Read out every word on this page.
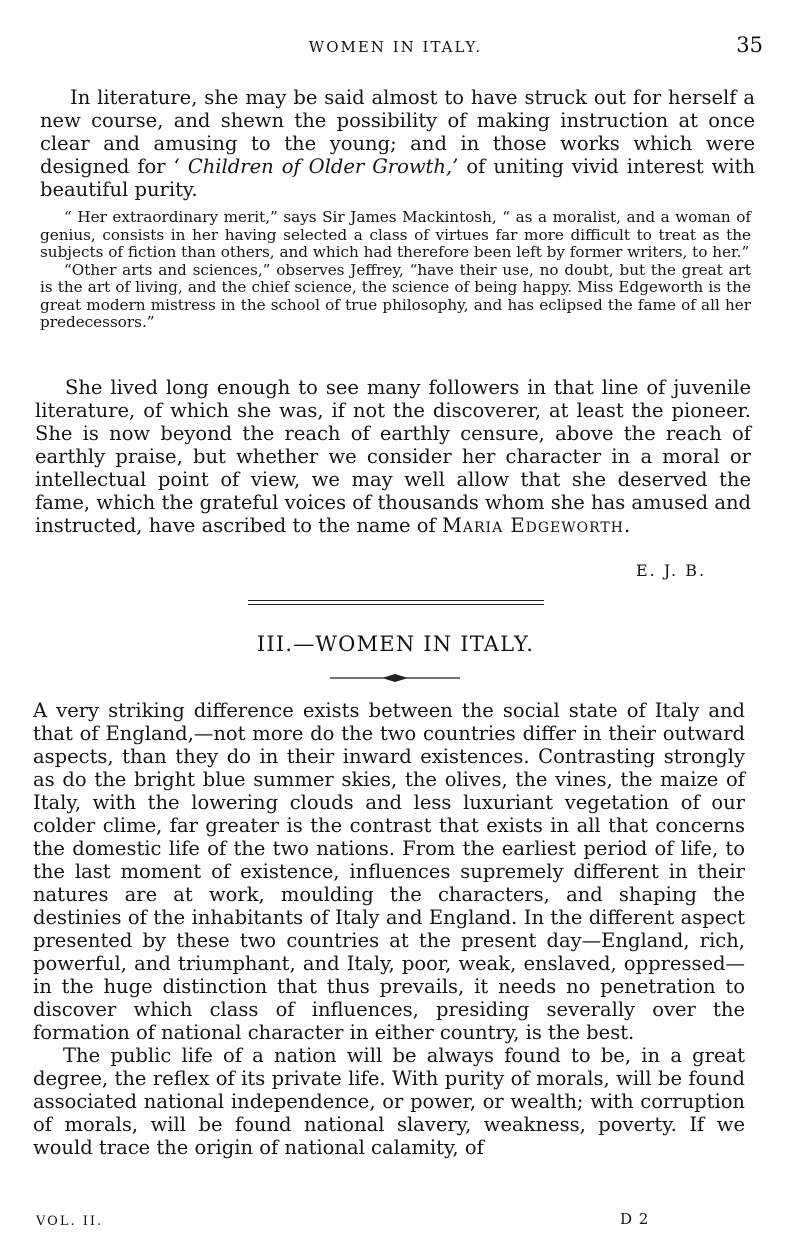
WOMEN IN ITALY.	35

In literature, she may be said almost to have struck out for herself a new course, and shewn the possibility of making instruction at once clear and amusing to the young; and in those works which were designed for ‘ Children of Older Growth,’ of uniting vivid interest with beautiful purity.

“ Her extraordinary merit,” says Sir James Mackintosh, “ as a moralist, and a woman of genius, consists in her having selected a class of virtues far more difficult to treat as the subjects of fiction than others, and which had therefore been left by former writers, to her.”

“Other arts and sciences,” observes Jeffrey, “have their use, no doubt, but the great art is the art of living, and the chief science, the science of being happy. Miss Edgeworth is the great modern mistress in the school of true philosophy, and has eclipsed the fame of all her predecessors.”

She lived long enough to see many followers in that line of juvenile literature, of which she was, if not the discoverer, at least the pioneer. She is now beyond the reach of earthly censure, above the reach of earthly praise, but whether we consider her character in a moral or intellectual point of view, we may well allow that she deserved the fame, which the grateful voices of thousands whom she has amused and instructed, have ascribed to the name of Maria Edgeworth.

E. J. B.
III.—WOMEN IN ITALY.

A very striking difference exists between the social state of Italy and that of England,—not more do the two countries differ in their outward aspects, than they do in their inward existences. Contrasting strongly as do the bright blue summer skies, the olives, the vines, the maize of Italy, with the lowering clouds and less luxuriant vegetation of our colder clime, far greater is the contrast that exists in all that concerns the domestic life of the two nations. From the earliest period of life, to the last moment of existence, influences supremely different in their natures are at work, moulding the characters, and shaping the destinies of the inhabitants of Italy and England. In the different aspect presented by these two countries at the present day—England, rich, powerful, and triumphant, and Italy, poor, weak, enslaved, oppressed—in the huge distinction that thus prevails, it needs no penetration to discover which class of influences, presiding severally over the formation of national character in either country, is the best.

The public life of a nation will be always found to be, in a great degree, the reflex of its private life. With purity of morals, will be found associated national independence, or power, or wealth; with corruption of morals, will be found national slavery, weakness, poverty. If we would trace the origin of national calamity, of

VOL. II.	D 2
